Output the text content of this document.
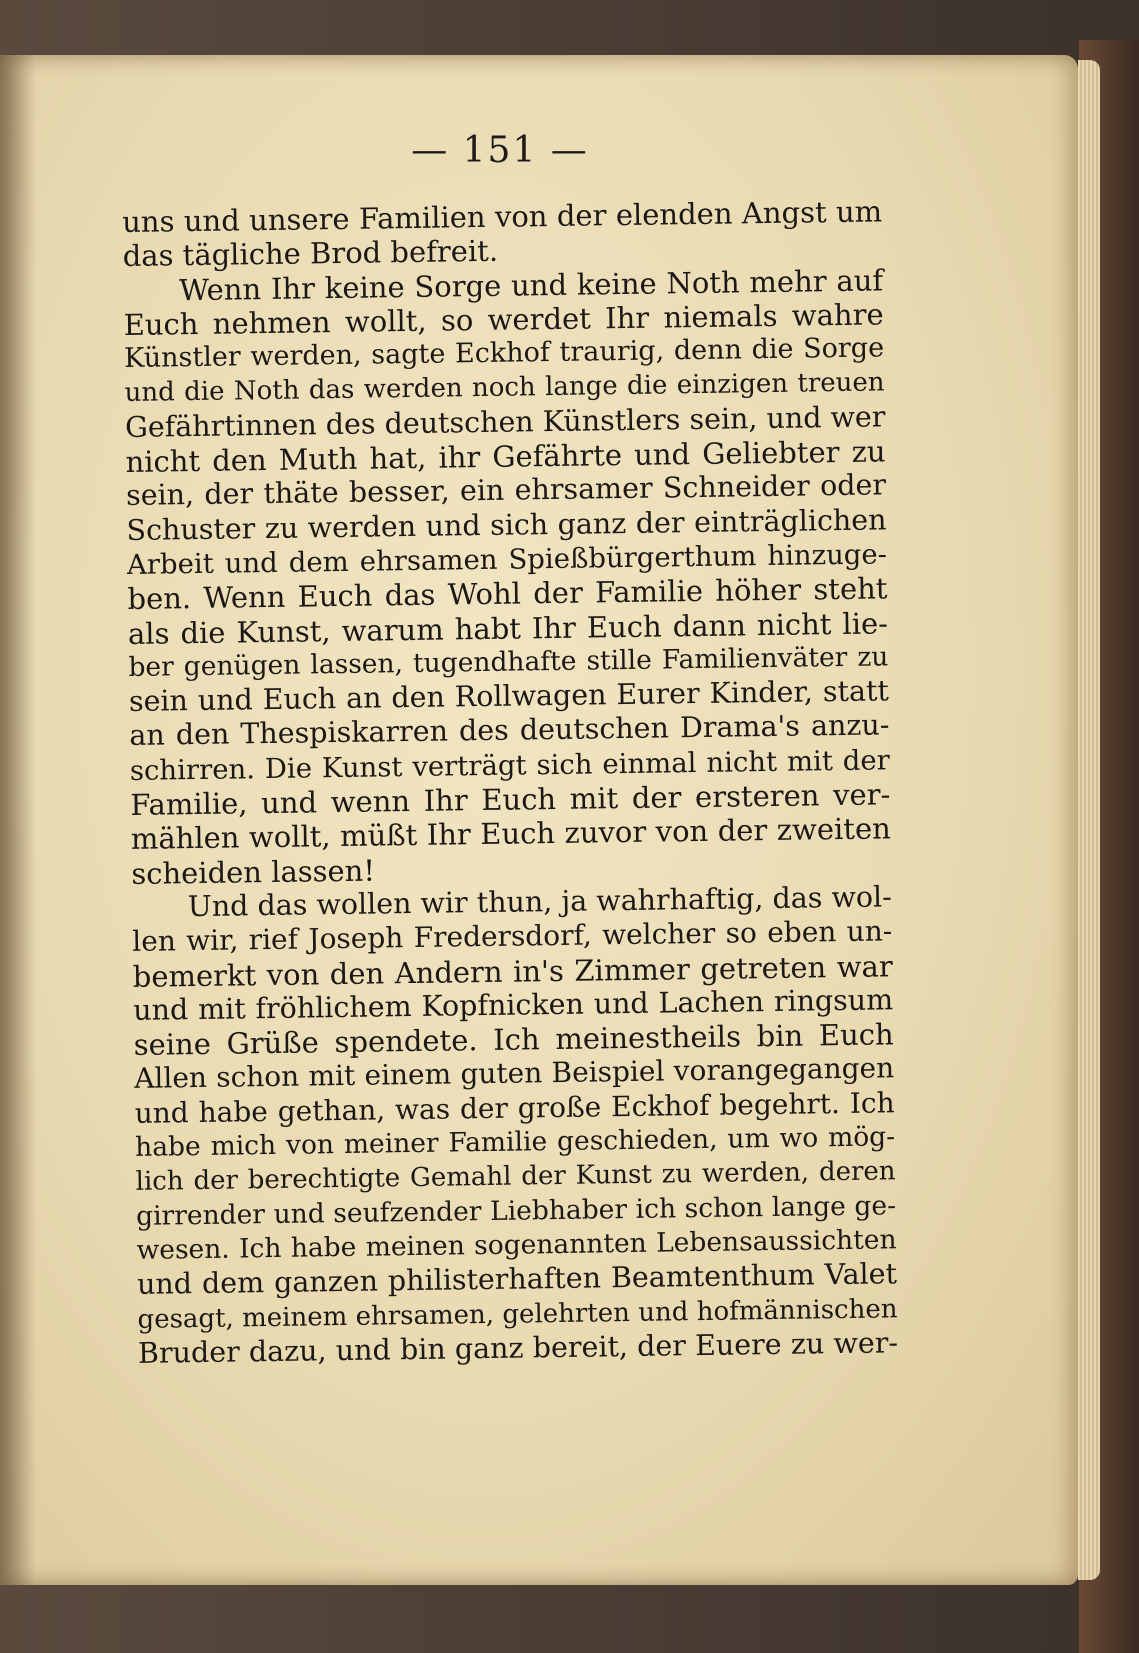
— 151 —
uns und unsere Familien von der elenden Angst um
das tägliche Brod befreit.
Wenn Ihr keine Sorge und keine Noth mehr auf
Euch nehmen wollt, so werdet Ihr niemals wahre
Künstler werden, sagte Eckhof traurig, denn die Sorge
und die Noth das werden noch lange die einzigen treuen
Gefährtinnen des deutschen Künstlers sein, und wer
nicht den Muth hat, ihr Gefährte und Geliebter zu
sein, der thäte besser, ein ehrsamer Schneider oder
Schuster zu werden und sich ganz der einträglichen
Arbeit und dem ehrsamen Spießbürgerthum hinzuge-
ben. Wenn Euch das Wohl der Familie höher steht
als die Kunst, warum habt Ihr Euch dann nicht lie-
ber genügen lassen, tugendhafte stille Familienväter zu
sein und Euch an den Rollwagen Eurer Kinder, statt
an den Thespiskarren des deutschen Drama's anzu-
schirren. Die Kunst verträgt sich einmal nicht mit der
Familie, und wenn Ihr Euch mit der ersteren ver-
mählen wollt, müßt Ihr Euch zuvor von der zweiten
scheiden lassen!
Und das wollen wir thun, ja wahrhaftig, das wol-
len wir, rief Joseph Fredersdorf, welcher so eben un-
bemerkt von den Andern in's Zimmer getreten war
und mit fröhlichem Kopfnicken und Lachen ringsum
seine Grüße spendete. Ich meinestheils bin Euch
Allen schon mit einem guten Beispiel vorangegangen
und habe gethan, was der große Eckhof begehrt. Ich
habe mich von meiner Familie geschieden, um wo mög-
lich der berechtigte Gemahl der Kunst zu werden, deren
girrender und seufzender Liebhaber ich schon lange ge-
wesen. Ich habe meinen sogenannten Lebensaussichten
und dem ganzen philisterhaften Beamtenthum Valet
gesagt, meinem ehrsamen, gelehrten und hofmännischen
Bruder dazu, und bin ganz bereit, der Euere zu wer-
